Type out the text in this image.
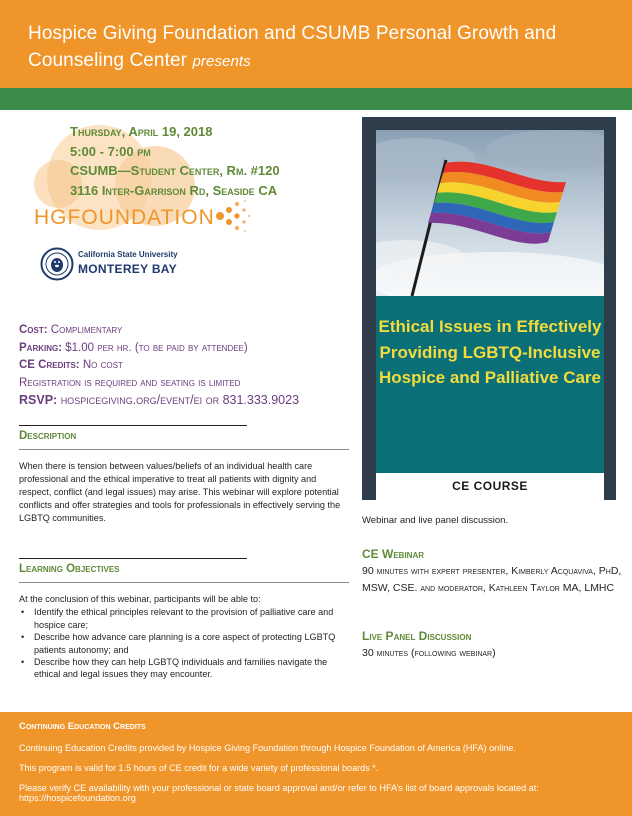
Hospice Giving Foundation and CSUMB Personal Growth and Counseling Center presents
Thursday, April 19, 2018
5:00 - 7:00 pm
CSUMB—Student Center, Rm. #120
3116 Inter-Garrison Rd, Seaside CA
HGFOUNDATION
California State University
MONTEREY BAY
Cost: Complimentary
Parking: $1.00 per hr. (to be paid by attendee)
CE Credits: No cost
Registration is required and seating is limited
RSVP: hospicegiving.org/event/ei or 831.333.9023
Description
When there is tension between values/beliefs of an individual health care professional and the ethical imperative to treat all patients with dignity and respect, conflict (and legal issues) may arise. This webinar will explore potential conflicts and offer strategies and tools for professionals in effectively serving the LGBTQ communities.
Learning Objectives
At the conclusion of this webinar, participants will be able to:
• Identify the ethical principles relevant to the provision of palliative care and hospice care;
• Describe how advance care planning is a core aspect of protecting LGBTQ patients autonomy; and
• Describe how they can help LGBTQ individuals and families navigate the ethical and legal issues they may encounter.
Ethical Issues in Effectively Providing LGBTQ-Inclusive Hospice and Palliative Care
CE COURSE
Webinar and live panel discussion.
CE Webinar
90 minutes with expert presenter, Kimberly Acquaviva, PhD, MSW, CSE. and moderator, Kathleen Taylor MA, LMHC
Live Panel Discussion
30 minutes (following webinar)
Continuing Education Credits
Continuing Education Credits provided by Hospice Giving Foundation through Hospice Foundation of America (HFA) online.
This program is valid for 1.5 hours of CE credit for a wide variety of professional boards *.
Please verify CE availability with your professional or state board approval and/or refer to HFA’s list of board approvals located at: https://hospicefoundation.org
